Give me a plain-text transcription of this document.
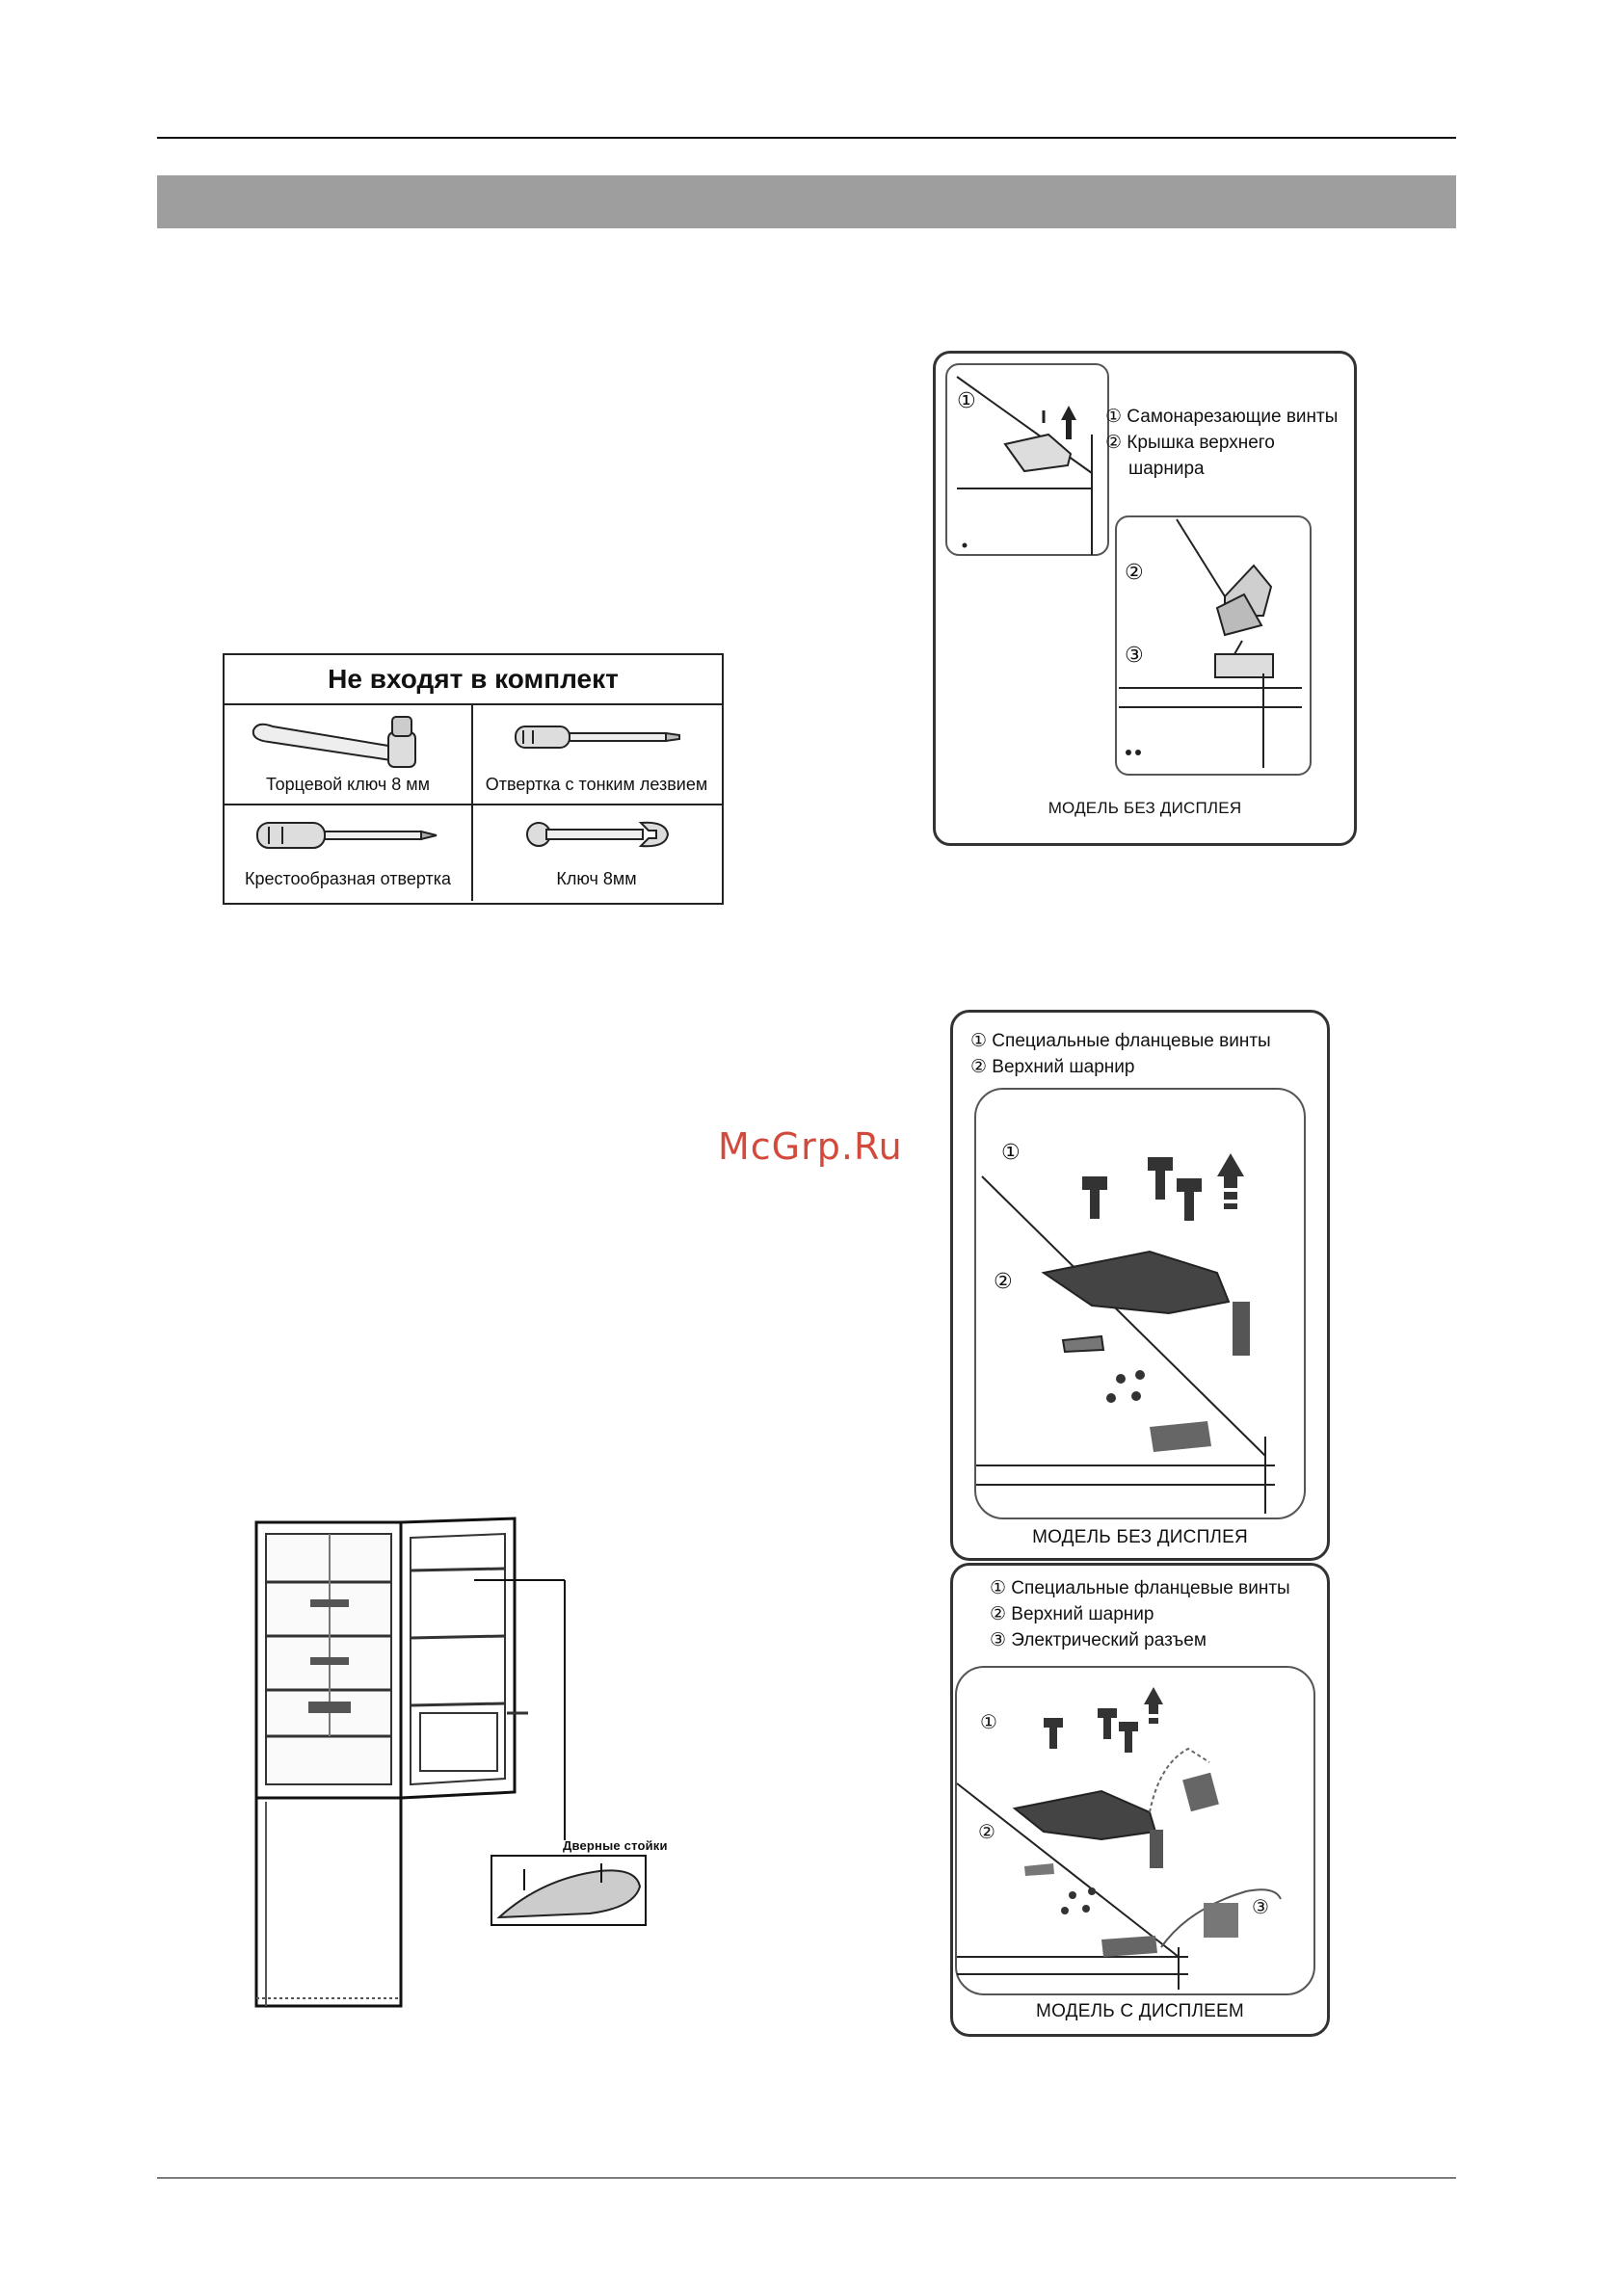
Не входят в комплект
Торцевой ключ 8 мм	Отвертка с тонким лезвием
Крестообразная отвертка	Ключ 8мм
①
① Самонарезающие винты
② Крышка верхнего
шарнира
②
③
МОДЕЛЬ БЕЗ ДИСПЛЕЯ
① Специальные фланцевые винты
② Верхний шарнир
①
②
МОДЕЛЬ БЕЗ ДИСПЛЕЯ
① Специальные фланцевые винты
② Верхний шарнир
③ Электрический разъем
①
②
③
МОДЕЛЬ С ДИСПЛЕЕМ
Дверные стойки
McGrp.Ru
